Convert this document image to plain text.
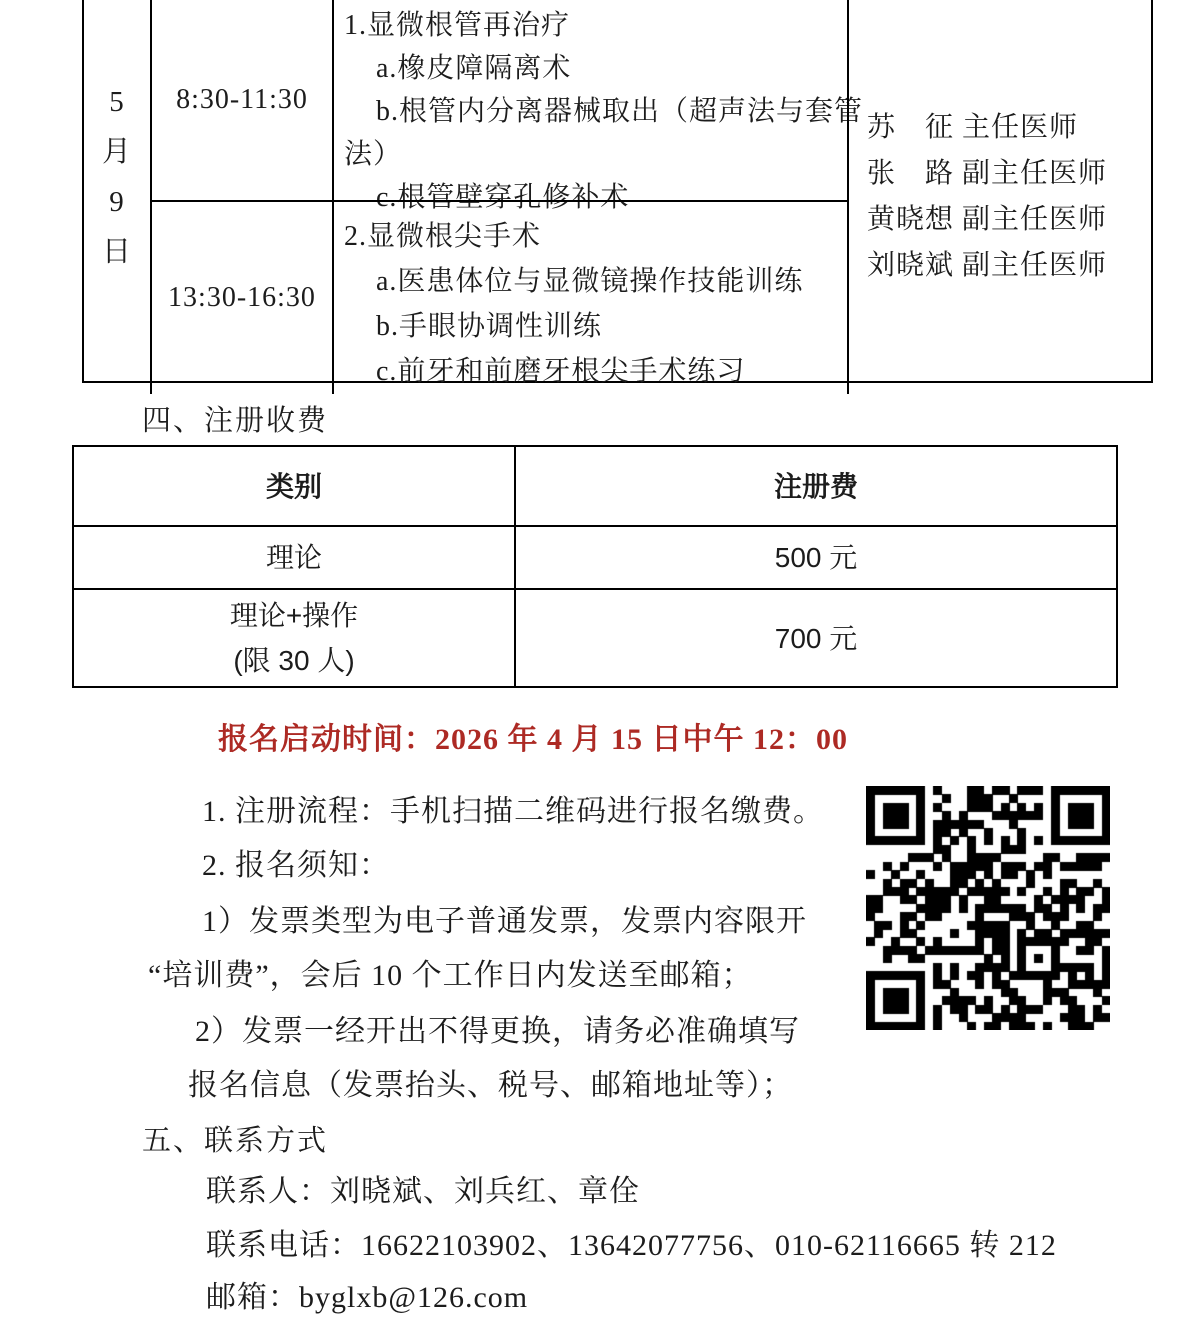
5
月
9
日
8:30-11:30
13:30-16:30
1.显微根管再治疗
a.橡皮障隔离术
b.根管内分离器械取出（超声法与套管
法）
c.根管壁穿孔修补术
2.显微根尖手术
a.医患体位与显微镜操作技能训练
b.手眼协调性训练
c.前牙和前磨牙根尖手术练习
苏　征 主任医师
张　路 副主任医师
黄晓想 副主任医师
刘晓斌 副主任医师
四、注册收费
类别	注册费
理论	500 元
理论+操作
(限 30 人)
700 元
报名启动时间：2026 年 4 月 15 日中午 12：00
1. 注册流程：手机扫描二维码进行报名缴费。
2. 报名须知：
1）发票类型为电子普通发票，发票内容限开
“培训费”，会后 10 个工作日内发送至邮箱；
2）发票一经开出不得更换，请务必准确填写
报名信息（发票抬头、税号、邮箱地址等）；
五、联系方式
联系人：刘晓斌、刘兵红、章佺
联系电话：16622103902、13642077756、010-62116665 转 212
邮箱：byglxb@126.com
